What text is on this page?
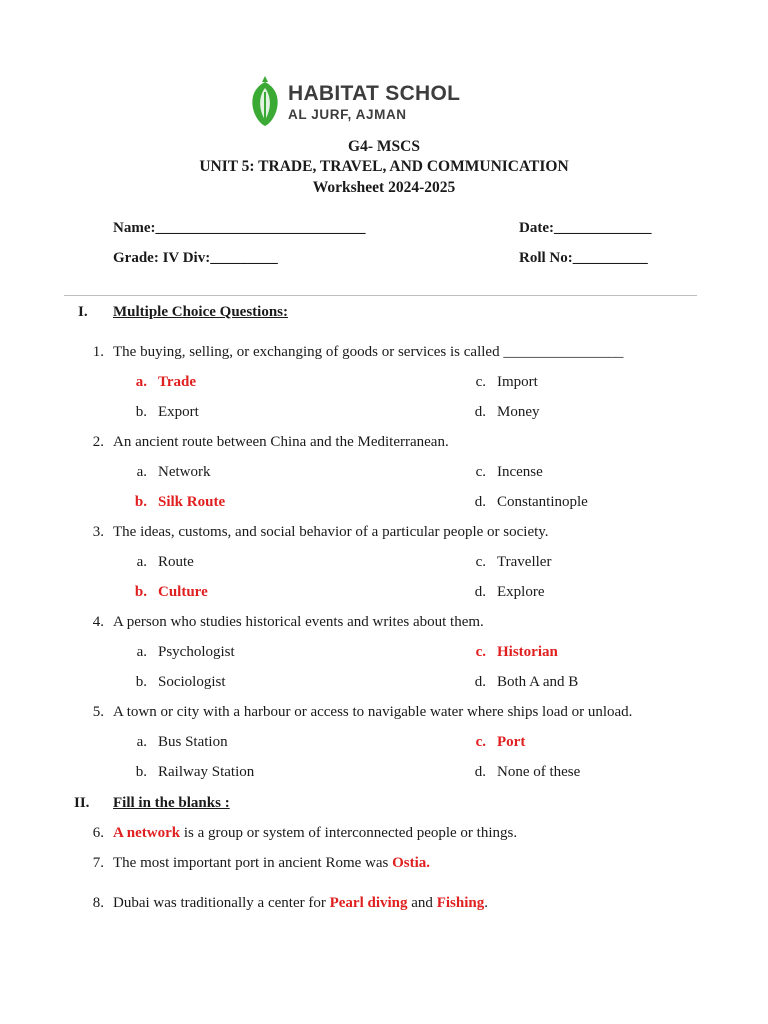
HABITAT SCHOL
AL JURF, AJMAN
G4- MSCS
UNIT 5: TRADE, TRAVEL, AND COMMUNICATION
Worksheet 2024-2025
Name:____________________________	Date:_____________
Grade: IV Div:_________	Roll No:__________
I. Multiple Choice Questions:
1. The buying, selling, or exchanging of goods or services is called ________________
a. Trade	c. Import
b. Export	d. Money
2. An ancient route between China and the Mediterranean.
a. Network	c. Incense
b. Silk Route	d. Constantinople
3. The ideas, customs, and social behavior of a particular people or society.
a. Route	c. Traveller
b. Culture	d. Explore
4. A person who studies historical events and writes about them.
a. Psychologist	c. Historian
b. Sociologist	d. Both A and B
5. A town or city with a harbour or access to navigable water where ships load or unload.
a. Bus Station	c. Port
b. Railway Station	d. None of these
II. Fill in the blanks :
6. A network is a group or system of interconnected people or things.
7. The most important port in ancient Rome was Ostia.
8. Dubai was traditionally a center for Pearl diving and Fishing.
